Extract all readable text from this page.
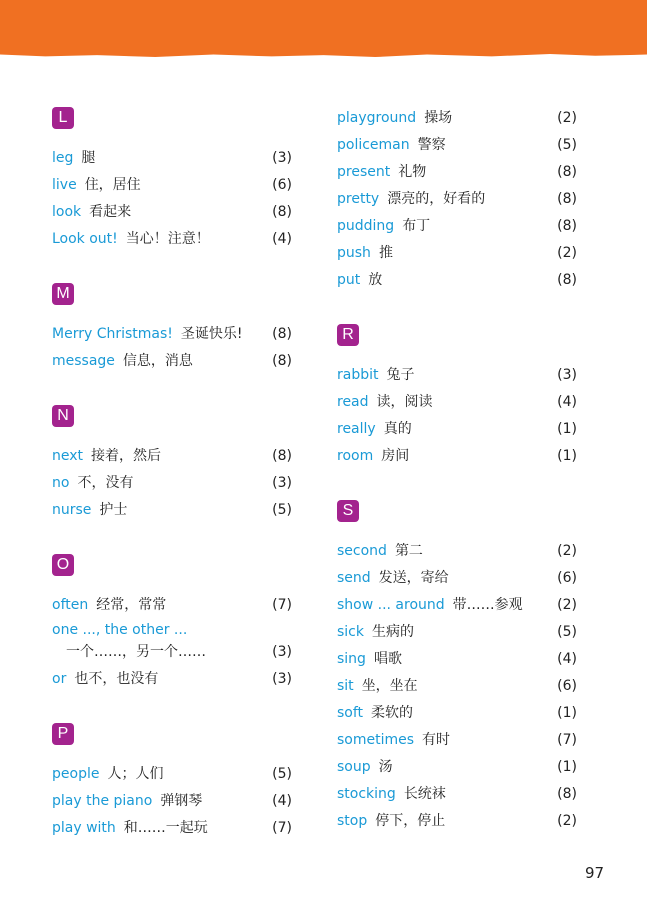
L
leg 腿	(3)
live 住，居住	(6)
look 看起来	(8)
Look out! 当心！注意！	(4)
M
Merry Christmas! 圣诞快乐! (8)
message 信息，消息	(8)
N
next 接着，然后	(8)
no 不，没有	(3)
nurse 护士	(5)
O
often 经常，常常	(7)
one ..., the other ...
一个……，另一个……	(3)
or 也不，也没有	(3)
P
people 人；人们	(5)
play the piano 弹钢琴	(4)
play with 和……一起玩	(7)
playground 操场	(2)
policeman 警察	(5)
present 礼物	(8)
pretty 漂亮的，好看的	(8)
pudding 布丁	(8)
push 推	(2)
put 放	(8)
R
rabbit 兔子	(3)
read 读，阅读	(4)
really 真的	(1)
room 房间	(1)
S
second 第二	(2)
send 发送，寄给	(6)
show ... around 带……参观 (2)
sick 生病的	(5)
sing 唱歌	(4)
sit 坐，坐在	(6)
soft 柔软的	(1)
sometimes 有时	(7)
soup 汤	(1)
stocking 长统袜	(8)
stop 停下，停止	(2)
97
